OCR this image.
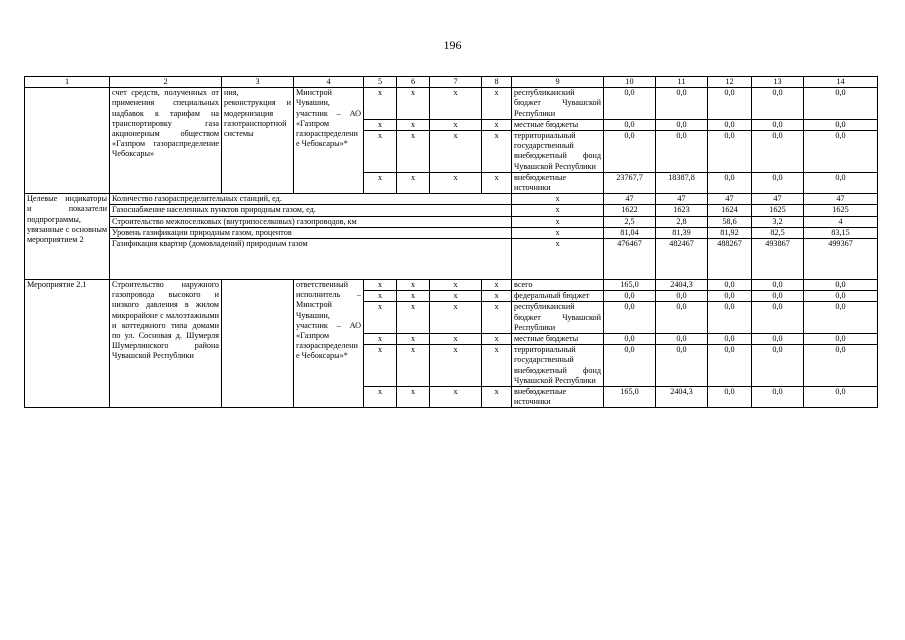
196
1	2	3	4	5	6	7	8	9	10	11	12	13	14
	счет средств, полученных от применения специальных надбавок к тарифам на транспортировку газа акционерным обществом «Газпром газораспределение Чебоксары»	ния, реконструкция и модернизация газотранспортной системы	Минстрой Чувашии, участник – АО «Газпром газораспределение Чебоксары»*	х	х	х	х	республиканский бюджет Чувашской Республики	0,0	0,0	0,0	0,0	0,0
				х	х	х	х	местные бюджеты	0,0	0,0	0,0	0,0	0,0
				х	х	х	х	территориальный государственный внебюджетный фонд Чувашской Республики	0,0	0,0	0,0	0,0	0,0
				х	х	х	х	внебюджетные источники	23767,7	18387,8	0,0	0,0	0,0
Целевые индикаторы и показатели подпрограммы, увязанные с основным мероприятием 2	Количество газораспределительных станций, ед.							х	47	47	47	47	47
	Газоснабжение населенных пунктов природным газом, ед.							х	1622	1623	1624	1625	1625
	Строительство межпоселковых (внутрипоселковых) газопроводов, км							х	2,5	2,8	58,6	3,2	4
	Уровень газификации природным газом, процентов							х	81,04	81,39	81,92	82,5	83,15
	Газификация квартир (домовладений) природным газом							х	476467	482467	488267	493867	499367
Мероприятие 2.1	Строительство наружного газопровода высокого и низкого давления в жилом микрорайоне с малоэтажными и коттеджного типа домами по ул. Сосновая д. Шумерля Шумерлинского района Чувашской Республики		ответственный исполнитель – Минстрой Чувашии, участник – АО «Газпром газораспределение Чебоксары»*	х	х	х	х	всего	165,0	2404,3	0,0	0,0	0,0
				х	х	х	х	федеральный бюджет	0,0	0,0	0,0	0,0	0,0
				х	х	х	х	республиканский бюджет Чувашской Республики	0,0	0,0	0,0	0,0	0,0
				х	х	х	х	местные бюджеты	0,0	0,0	0,0	0,0	0,0
				х	х	х	х	территориальный государственный внебюджетный фонд Чувашской Республики	0,0	0,0	0,0	0,0	0,0
				х	х	х	х	внебюджетные источники	165,0	2404,3	0,0	0,0	0,0
